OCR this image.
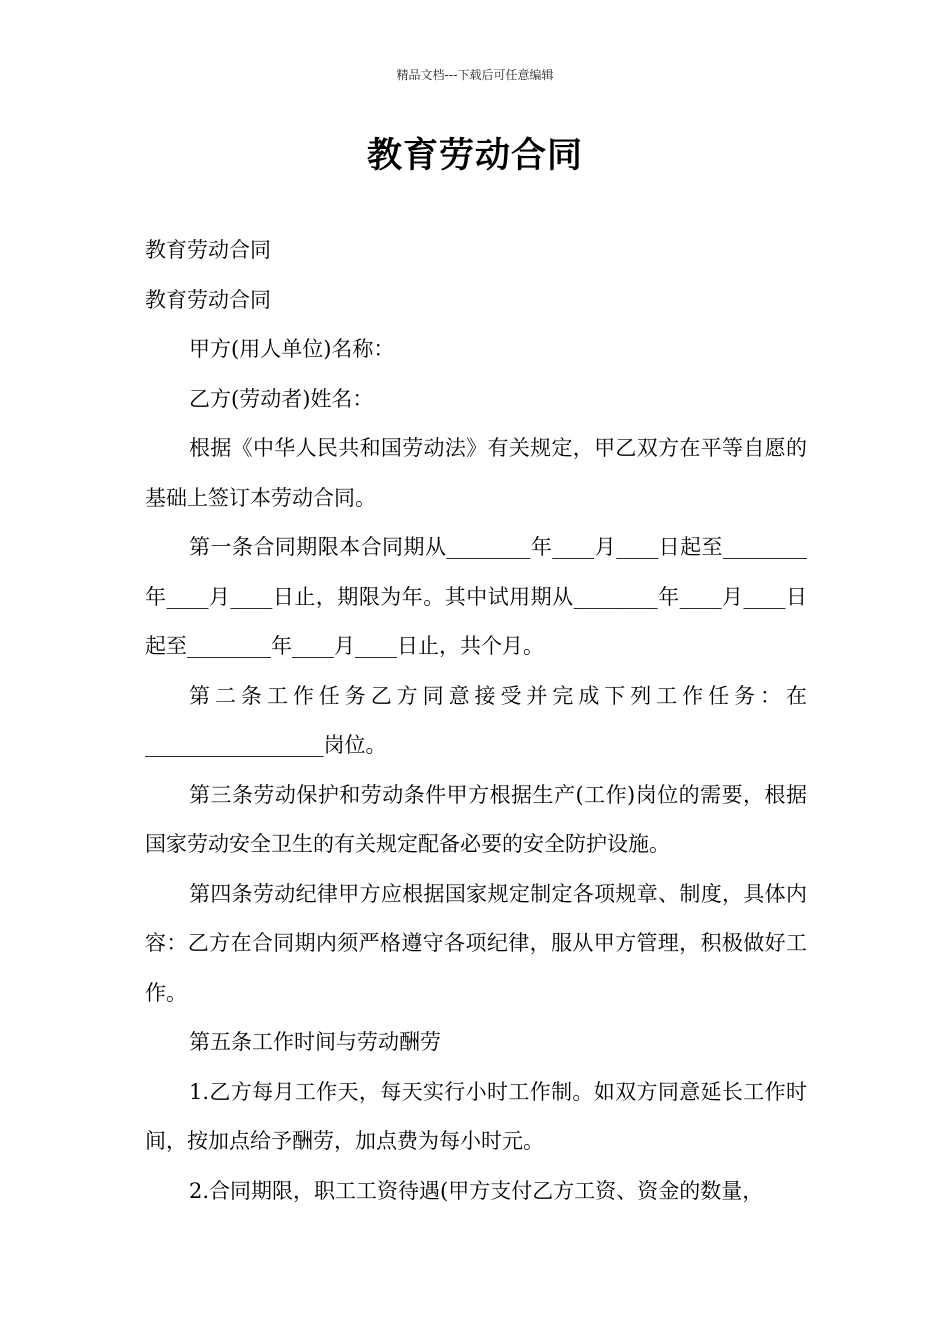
精品文档---下载后可任意编辑
教育劳动合同

教育劳动合同

教育劳动合同

甲方(用人单位)名称：

乙方(劳动者)姓名：

根据《中华人民共和国劳动法》有关规定，甲乙双方在平等自愿的基础上签订本劳动合同。

第一条合同期限本合同期从________年____月____日起至________年____月____日止，期限为年。其中试用期从________年____月____日起至________年____月____日止，共个月。

第二条工作任务乙方同意接受并完成下列工作任务：在_________________岗位。

第三条劳动保护和劳动条件甲方根据生产(工作)岗位的需要，根据国家劳动安全卫生的有关规定配备必要的安全防护设施。

第四条劳动纪律甲方应根据国家规定制定各项规章、制度，具体内容：乙方在合同期内须严格遵守各项纪律，服从甲方管理，积极做好工作。

第五条工作时间与劳动酬劳

1.乙方每月工作天，每天实行小时工作制。如双方同意延长工作时间，按加点给予酬劳，加点费为每小时元。

2.合同期限，职工工资待遇(甲方支付乙方工资、资金的数量，
